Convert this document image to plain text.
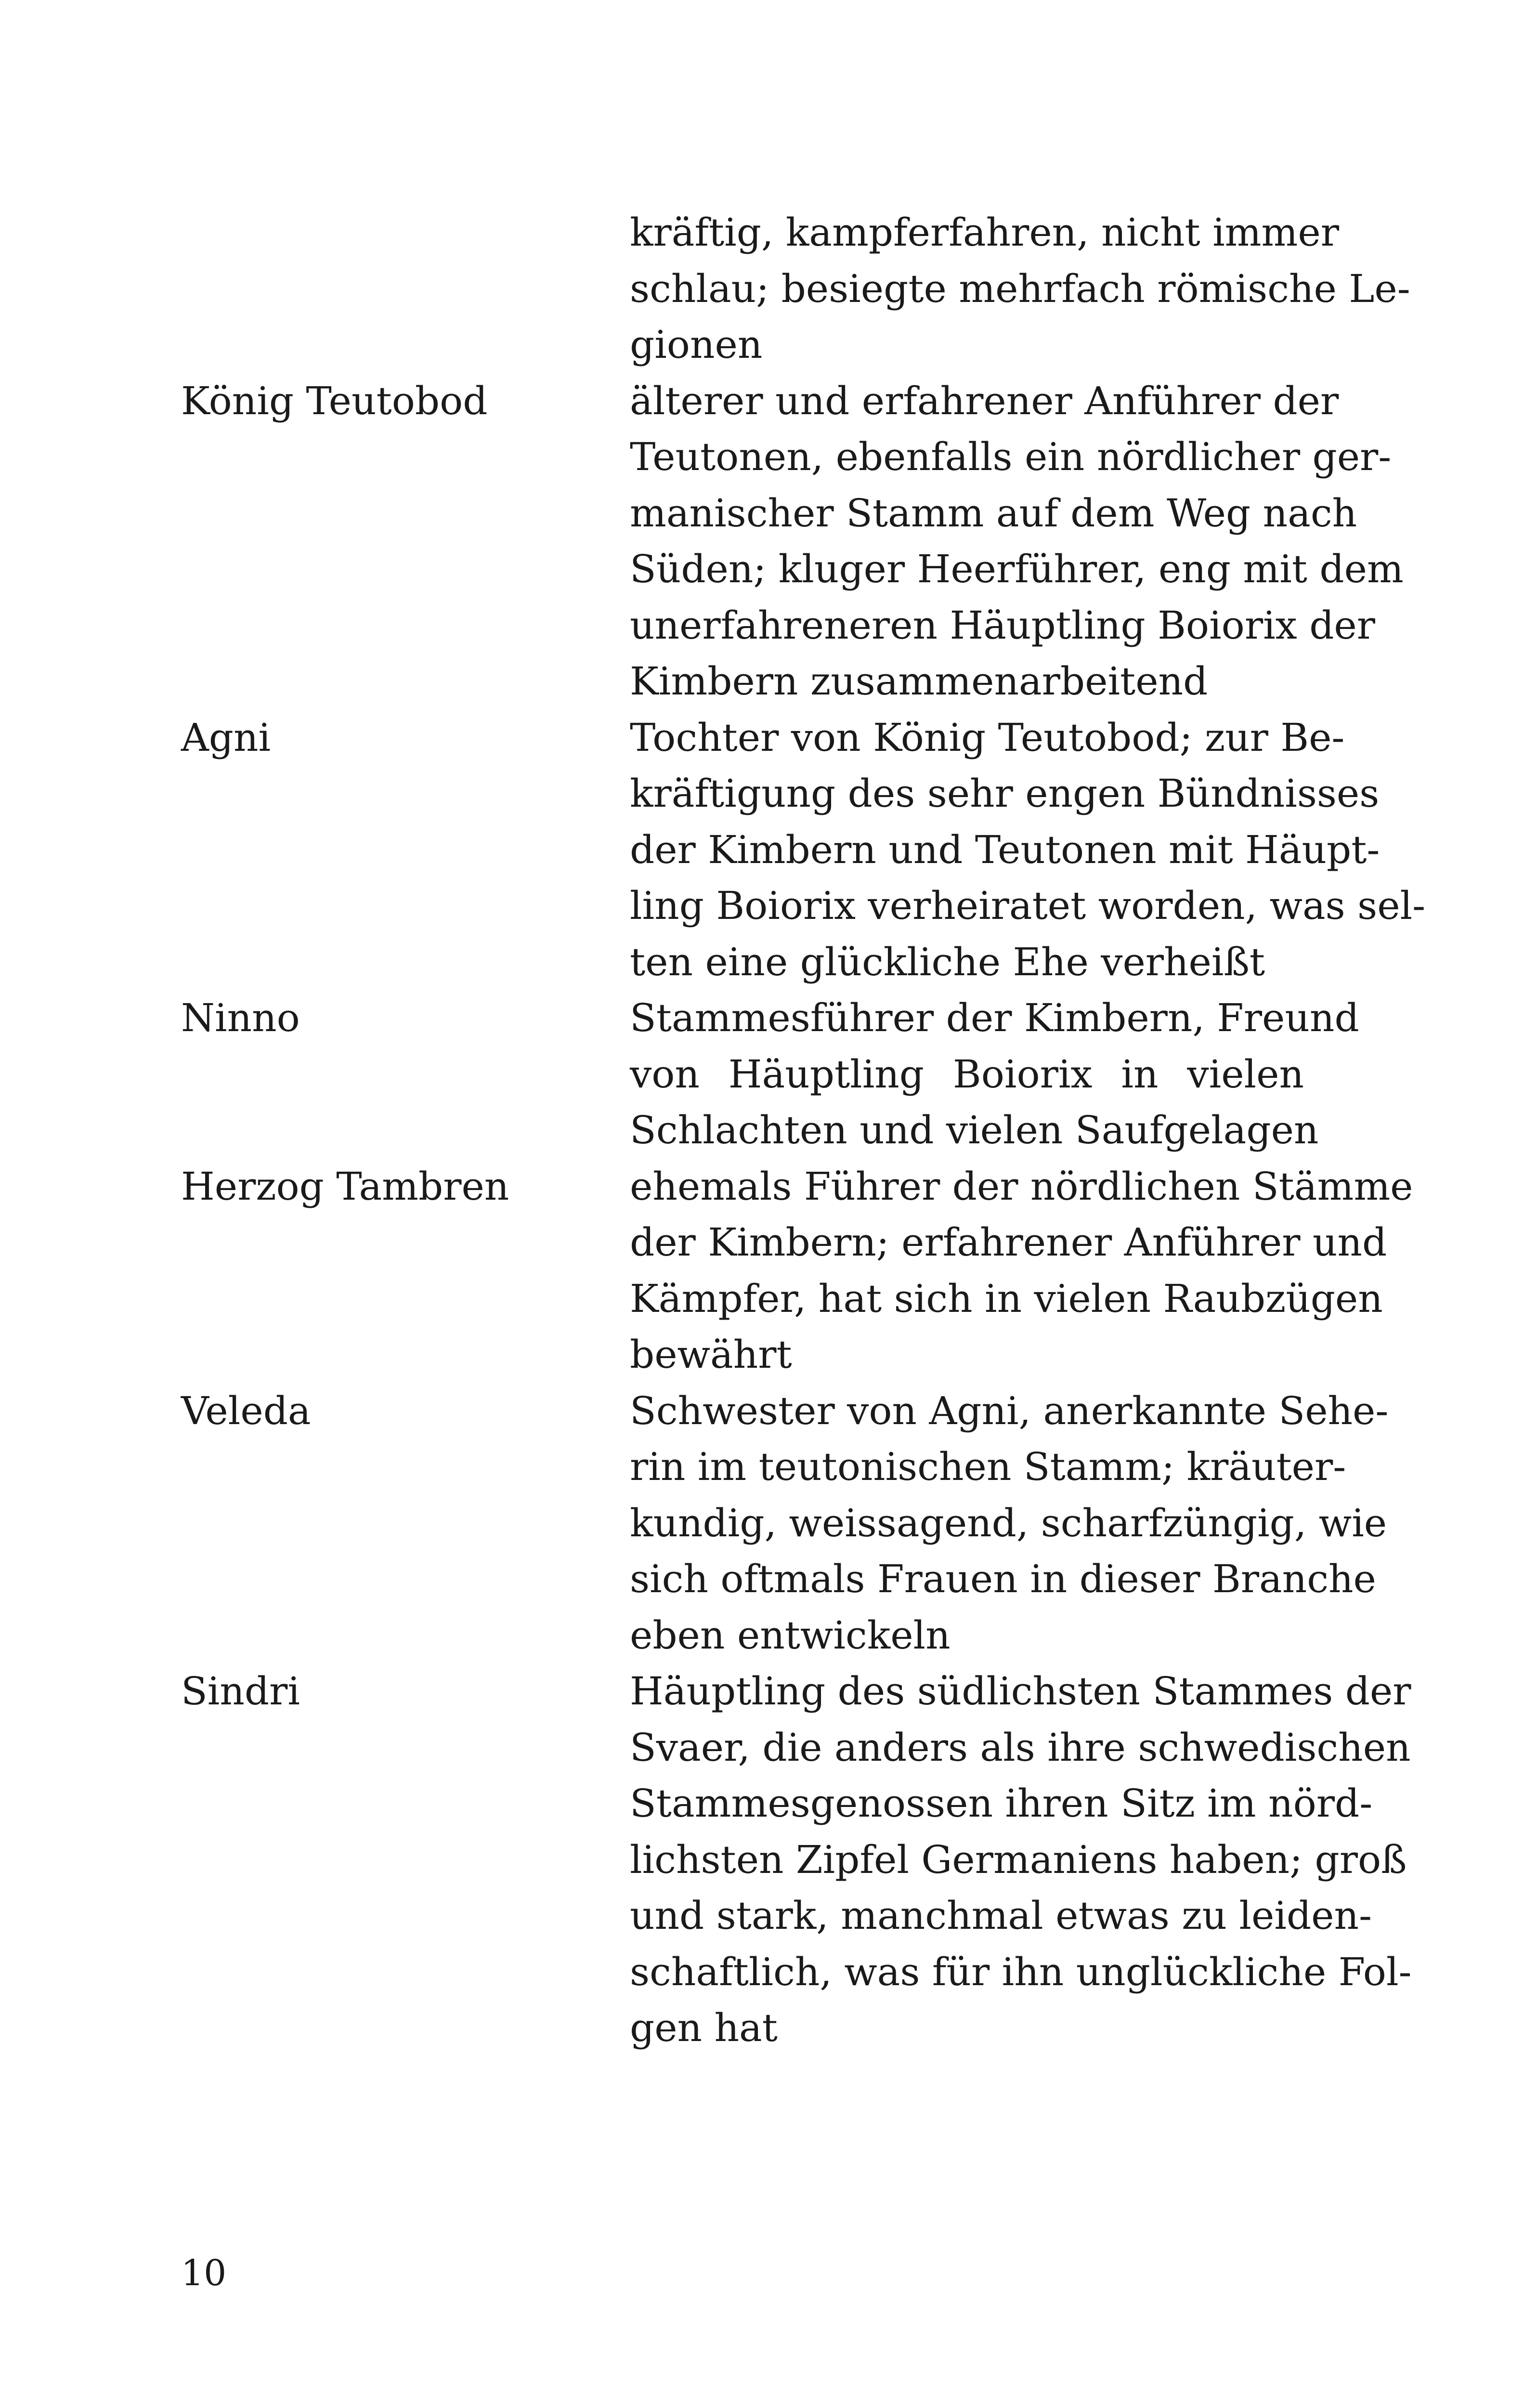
kräftig, kampferfahren, nicht immer
schlau; besiegte mehrfach römische Le-
gionen
König Teutobod	älterer und erfahrener Anführer der
Teutonen, ebenfalls ein nördlicher ger-
manischer Stamm auf dem Weg nach
Süden; kluger Heerführer, eng mit dem
unerfahreneren Häuptling Boiorix der
Kimbern zusammenarbeitend
Agni	Tochter von König Teutobod; zur Be-
kräftigung des sehr engen Bündnisses
der Kimbern und Teutonen mit Häupt-
ling Boiorix verheiratet worden, was sel-
ten eine glückliche Ehe verheißt
Ninno	Stammesführer der Kimbern, Freund
von Häuptling Boiorix in vielen
Schlachten und vielen Saufgelagen
Herzog Tambren	ehemals Führer der nördlichen Stämme
der Kimbern; erfahrener Anführer und
Kämpfer, hat sich in vielen Raubzügen
bewährt
Veleda	Schwester von Agni, anerkannte Sehe-
rin im teutonischen Stamm; kräuter-
kundig, weissagend, scharfzüngig, wie
sich oftmals Frauen in dieser Branche
eben entwickeln
Sindri	Häuptling des südlichsten Stammes der
Svaer, die anders als ihre schwedischen
Stammesgenossen ihren Sitz im nörd-
lichsten Zipfel Germaniens haben; groß
und stark, manchmal etwas zu leiden-
schaftlich, was für ihn unglückliche Fol-
gen hat
10
